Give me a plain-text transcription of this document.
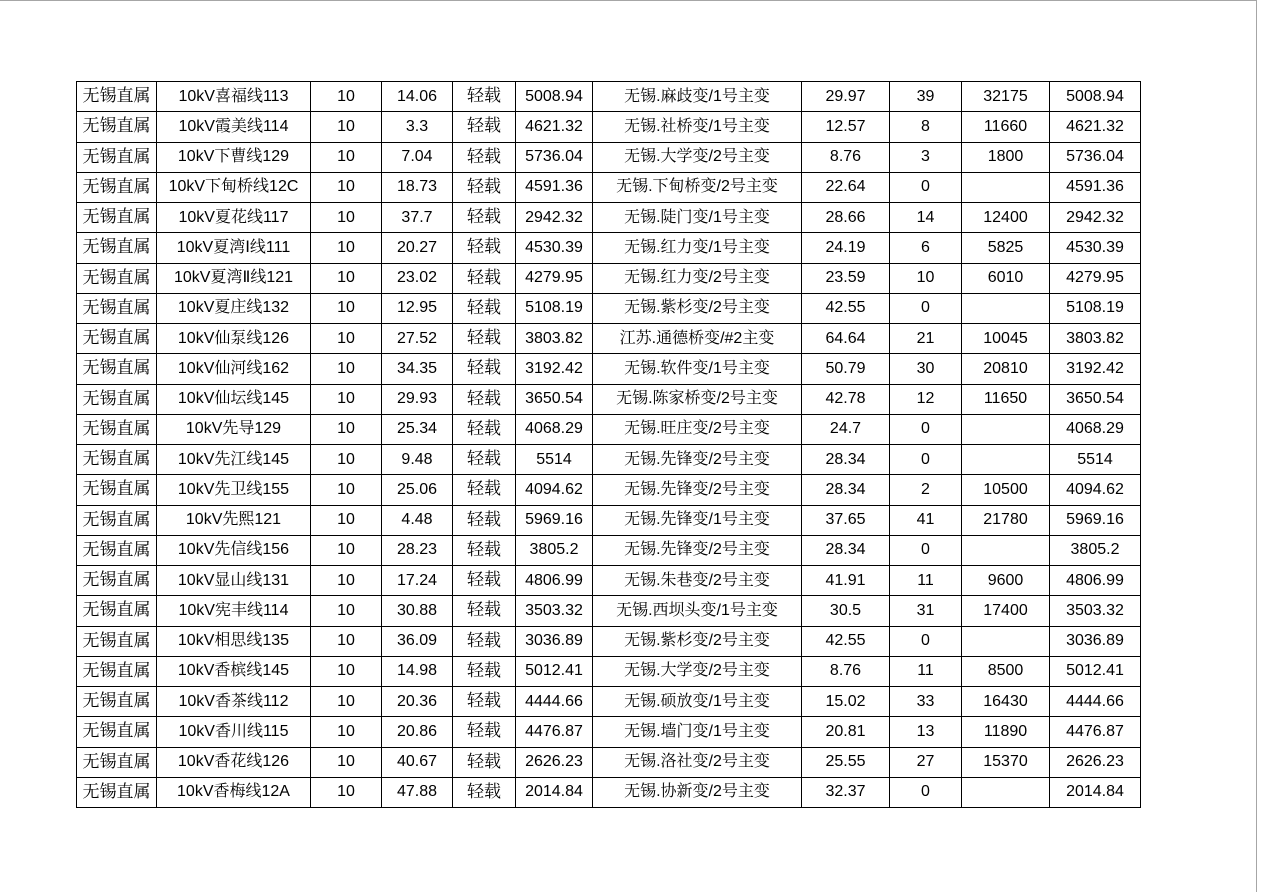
无锡直属	10kV喜福线113	10	14.06	轻载	5008.94	无锡.麻歧变/1号主变	29.97	39	32175	5008.94
无锡直属	10kV霞美线114	10	3.3	轻载	4621.32	无锡.社桥变/1号主变	12.57	8	11660	4621.32
无锡直属	10kV下曹线129	10	7.04	轻载	5736.04	无锡.大学变/2号主变	8.76	3	1800	5736.04
无锡直属	10kV下甸桥线12C	10	18.73	轻载	4591.36	无锡.下甸桥变/2号主变	22.64	0		4591.36
无锡直属	10kV夏花线117	10	37.7	轻载	2942.32	无锡.陡门变/1号主变	28.66	14	12400	2942.32
无锡直属	10kV夏湾Ⅰ线111	10	20.27	轻载	4530.39	无锡.红力变/1号主变	24.19	6	5825	4530.39
无锡直属	10kV夏湾Ⅱ线121	10	23.02	轻载	4279.95	无锡.红力变/2号主变	23.59	10	6010	4279.95
无锡直属	10kV夏庄线132	10	12.95	轻载	5108.19	无锡.紫杉变/2号主变	42.55	0		5108.19
无锡直属	10kV仙泵线126	10	27.52	轻载	3803.82	江苏.通德桥变/#2主变	64.64	21	10045	3803.82
无锡直属	10kV仙河线162	10	34.35	轻载	3192.42	无锡.软件变/1号主变	50.79	30	20810	3192.42
无锡直属	10kV仙坛线145	10	29.93	轻载	3650.54	无锡.陈家桥变/2号主变	42.78	12	11650	3650.54
无锡直属	10kV先导129	10	25.34	轻载	4068.29	无锡.旺庄变/2号主变	24.7	0		4068.29
无锡直属	10kV先江线145	10	9.48	轻载	5514	无锡.先锋变/2号主变	28.34	0		5514
无锡直属	10kV先卫线155	10	25.06	轻载	4094.62	无锡.先锋变/2号主变	28.34	2	10500	4094.62
无锡直属	10kV先熙121	10	4.48	轻载	5969.16	无锡.先锋变/1号主变	37.65	41	21780	5969.16
无锡直属	10kV先信线156	10	28.23	轻载	3805.2	无锡.先锋变/2号主变	28.34	0		3805.2
无锡直属	10kV显山线131	10	17.24	轻载	4806.99	无锡.朱巷变/2号主变	41.91	11	9600	4806.99
无锡直属	10kV宪丰线114	10	30.88	轻载	3503.32	无锡.西坝头变/1号主变	30.5	31	17400	3503.32
无锡直属	10kV相思线135	10	36.09	轻载	3036.89	无锡.紫杉变/2号主变	42.55	0		3036.89
无锡直属	10kV香槟线145	10	14.98	轻载	5012.41	无锡.大学变/2号主变	8.76	11	8500	5012.41
无锡直属	10kV香茶线112	10	20.36	轻载	4444.66	无锡.硕放变/1号主变	15.02	33	16430	4444.66
无锡直属	10kV香川线115	10	20.86	轻载	4476.87	无锡.墙门变/1号主变	20.81	13	11890	4476.87
无锡直属	10kV香花线126	10	40.67	轻载	2626.23	无锡.洛社变/2号主变	25.55	27	15370	2626.23
无锡直属	10kV香梅线12A	10	47.88	轻载	2014.84	无锡.协新变/2号主变	32.37	0		2014.84
